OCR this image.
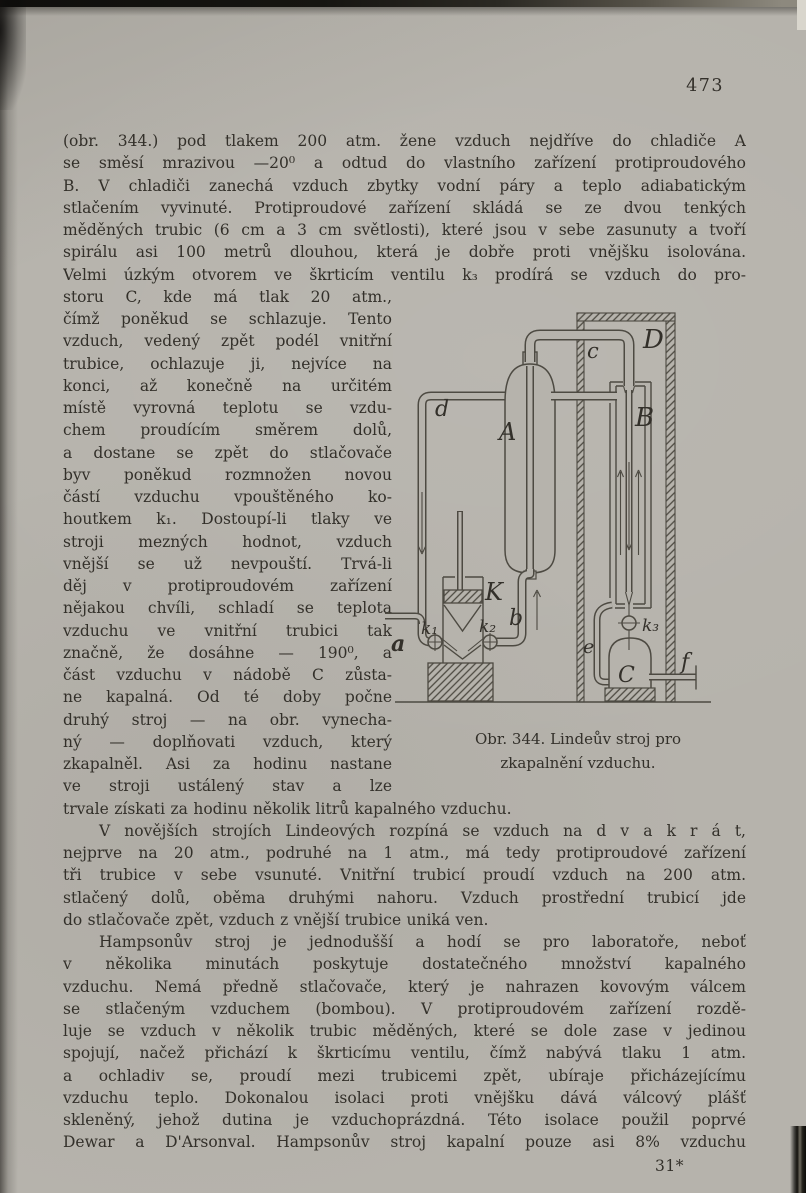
473
(obr. 344.) pod tlakem 200 atm. žene vzduch nejdříve do chladiče A
se směsí mrazivou —20⁰ a odtud do vlastního zařízení protiproudového
B. V chladiči zanechá vzduch zbytky vodní páry a teplo adiabatickým
stlačením vyvinuté. Protiproudové zařízení skládá se ze dvou tenkých
měděných trubic (6 cm a 3 cm světlosti), které jsou v sebe zasunuty a tvoří
spirálu asi 100 metrů dlouhou, která je dobře proti vnějšku isolována.
Velmi úzkým otvorem ve škrticím ventilu k₃ prodírá se vzduch do pro-
storu C, kde má tlak 20 atm.,
čímž poněkud se schlazuje. Tento
vzduch, vedený zpět podél vnitřní
trubice, ochlazuje ji, nejvíce na
konci, až konečně na určitém
místě vyrovná teplotu se vzdu-
chem proudícím směrem dolů,
a dostane se zpět do stlačovače
byv poněkud rozmnožen novou
částí vzduchu vpouštěného ko-
houtkem k₁. Dostoupí-li tlaky ve
stroji mezných hodnot, vzduch
vnější se už nevpouští. Trvá-li
děj v protiproudovém zařízení
nějakou chvíli, schladí se teplota
vzduchu ve vnitřní trubici tak
značně, že dosáhne — 190⁰, a
část vzduchu v nádobě C zůsta-
ne kapalná. Od té doby počne
druhý stroj — na obr. vynecha-
ný — doplňovati vzduch, který
zkapalněl. Asi za hodinu nastane
ve stroji ustálený stav a lze
trvale získati za hodinu několik litrů kapalného vzduchu.
V novějších strojích Lindeových rozpíná se vzduch na d v a k r á t,
nejprve na 20 atm., podruhé na 1 atm., má tedy protiproudové zařízení
tři trubice v sebe vsunuté. Vnitřní trubicí proudí vzduch na 200 atm.
stlačený dolů, oběma druhými nahoru. Vzduch prostřední trubicí jde
do stlačovače zpět, vzduch z vnější trubice uniká ven.
Hampsonův stroj je jednodušší a hodí se pro laboratoře, neboť
v několika minutách poskytuje dostatečného množství kapalného
vzduchu. Nemá předně stlačovače, který je nahrazen kovovým válcem
se stlačeným vzduchem (bombou). V protiproudovém zařízení rozdě-
luje se vzduch v několik trubic měděných, které se dole zase v jedinou
spojují, načež přichází k škrticímu ventilu, čímž nabývá tlaku 1 atm.
a ochladiv se, proudí mezi trubicemi zpět, ubíraje přicházejícímu
vzduchu teplo. Dokonalou isolaci proti vnějšku dává válcový plášť
skleněný, jehož dutina je vzduchoprázdná. Této isolace použil poprvé
Dewar a D'Arsonval. Hampsonův stroj kapalní pouze asi 8% vzduchu
d
A
c D
B
K
a
b
k₁ k₂	k₃
e
C
f
Obr. 344. Lindeův stroj pro
zkapalnění vzduchu.
31*
